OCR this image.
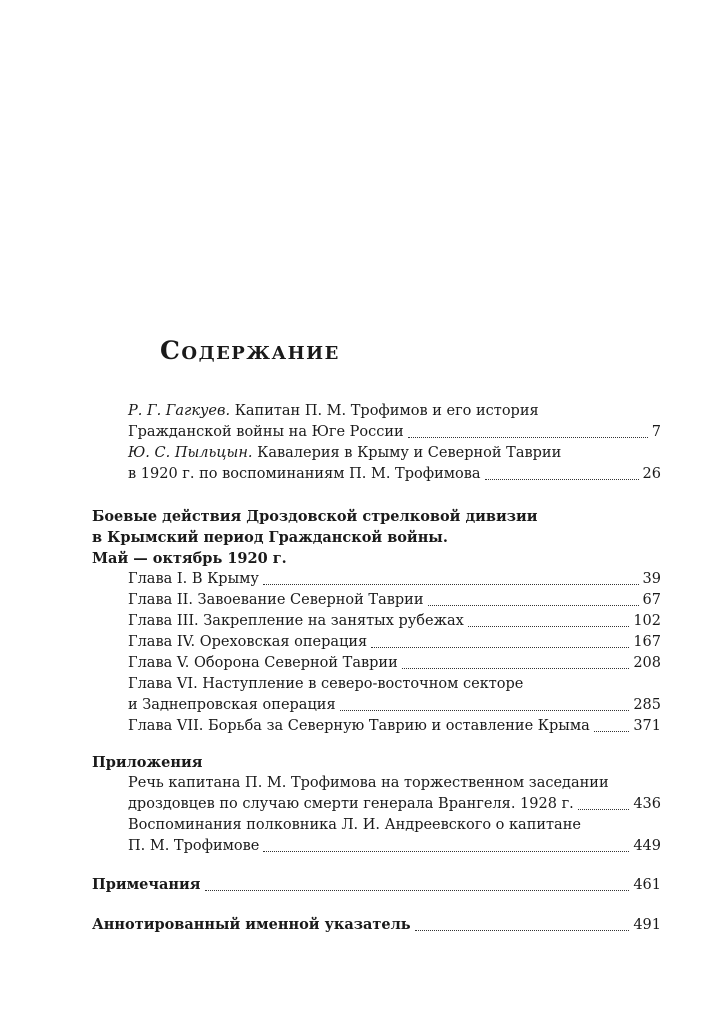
Содержание
Р. Г. Гагкуев. Капитан П. М. Трофимов и его история
Гражданской войны на Юге России	7
Ю. С. Пыльцын. Кавалерия в Крыму и Северной Таврии
в 1920 г. по воспоминаниям П. М. Трофимова	26
Боевые действия Дроздовской стрелковой дивизии
в Крымский период Гражданской войны.
Май — октябрь 1920 г.
Глава I. В Крыму	39
Глава II. Завоевание Северной Таврии	67
Глава III. Закрепление на занятых рубежах	102
Глава IV. Ореховская операция	167
Глава V. Оборона Северной Таврии	208
Глава VI. Наступление в северо-восточном секторе
и Заднепровская операция	285
Глава VII. Борьба за Северную Таврию и оставление Крыма	371
Приложения
Речь капитана П. М. Трофимова на торжественном заседании
дроздовцев по случаю смерти генерала Врангеля. 1928 г.	436
Воспоминания полковника Л. И. Андреевского о капитане
П. М. Трофимове	449
Примечания	461
Аннотированный именной указатель	491
